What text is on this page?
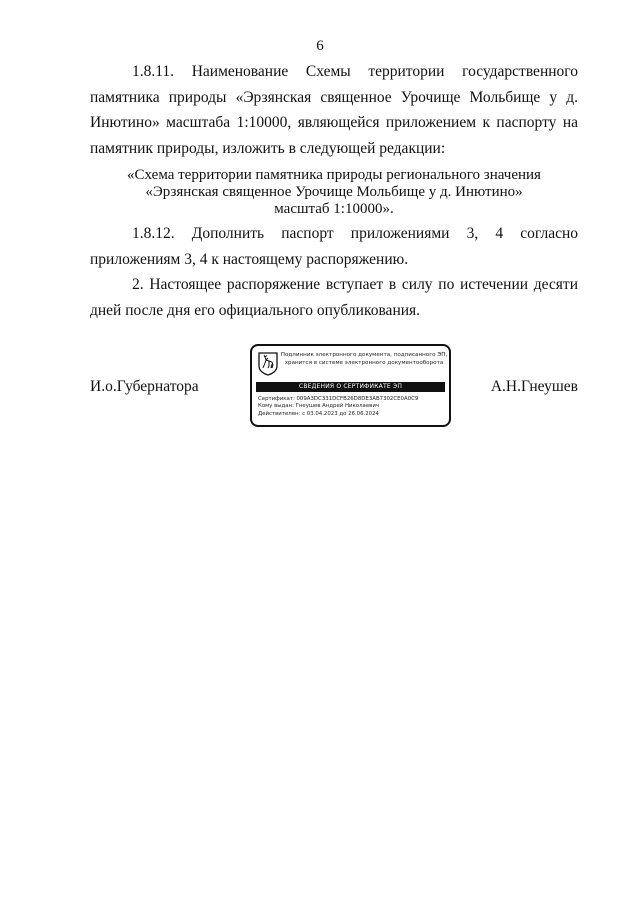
6

1.8.11. Наименование Схемы территории государственного памятника природы «Эрзянская священное Урочище Мольбище у д. Инютино» масштаба 1:10000, являющейся приложением к паспорту на памятник природы, изложить в следующей редакции:

«Схема территории памятника природы регионального значения
«Эрзянская священное Урочище Мольбище у д. Инютино»
масштаб 1:10000».

1.8.12. Дополнить паспорт приложениями 3, 4 согласно приложениям 3, 4 к настоящему распоряжению.

2. Настоящее распоряжение вступает в силу по истечении десяти дней после дня его официального опубликования.

И.о.Губернатора	А.Н.Гнеушев
Подлинник электронного документа, подписанного ЭП,
хранится в системе электронного документооборота
СВЕДЕНИЯ О СЕРТИФИКАТЕ ЭП
Сертификат: 009A3DC331DCFB26D8DE3AB7302CE0A0C9
Кому выдан: Гнеушев Андрей Николаевич
Действителен: с 03.04.2023 до 26.06.2024
